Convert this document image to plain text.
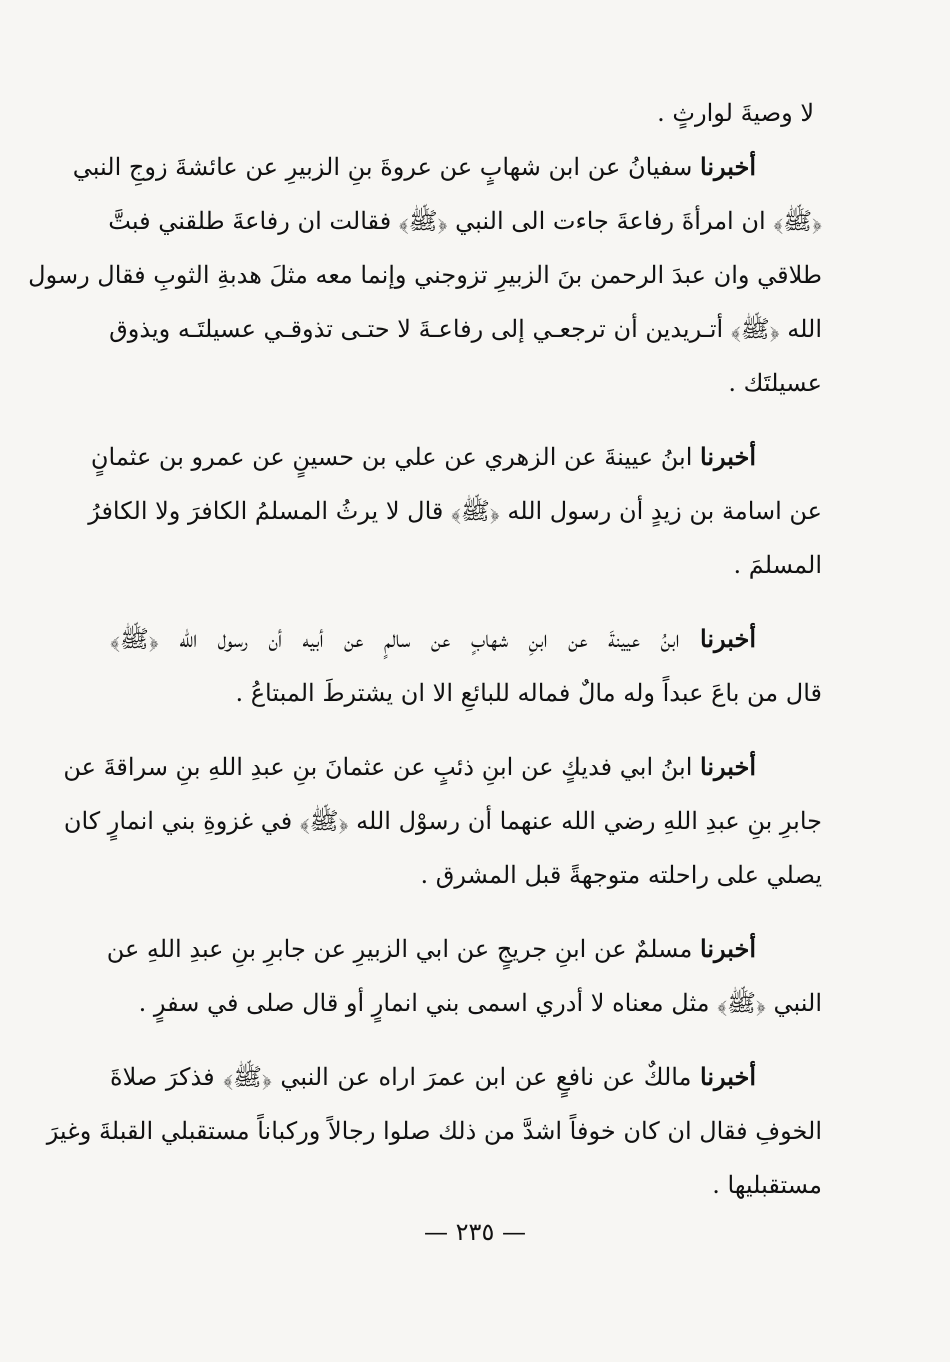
لا وصيةَ لوارثٍ .
أخبرنا سفيانُ عن ابن شهابٍ عن عروةَ بنِ الزبيرِ عن عائشةَ زوجِ النبي
﴿ﷺ﴾ ان امرأةَ رفاعةَ جاءت الى النبي ﴿ﷺ﴾ فقالت ان رفاعةَ طلقني فبتَّ
طلاقي وان عبدَ الرحمن بنَ الزبيرِ تزوجني وإنما معه مثلَ هدبةِ الثوبِ فقال رسول
الله ﴿ﷺ﴾ أتـريدين أن ترجعـي إلى رفاعـةَ لا حتـى تذوقـي عسيلتَـه ويذوق
عسيلتَك .
أخبرنا ابنُ عيينةَ عن الزهري عن علي بن حسينٍ عن عمرو بن عثمانٍ
عن اسامة بن زيدٍ أن رسول الله ﴿ﷺ﴾ قال لا يرثُ المسلمُ الكافرَ ولا الكافرُ
المسلمَ .
أخبرنا ابنُ عيينةَ عن ابنِ شهابٍ عن سالمٍ عن أبيه أن رسول الله ﴿ﷺ﴾
قال من باعَ عبداً وله مالٌ فماله للبائعِ الا ان يشترطَ المبتاعُ .
أخبرنا ابنُ ابي فديكٍ عن ابنِ ذئبٍ عن عثمانَ بنِ عبدِ اللهِ بنِ سراقةَ عن
جابرِ بنِ عبدِ اللهِ رضي الله عنهما أن رسوْل الله ﴿ﷺ﴾ في غزوةِ بني انمارٍ كان
يصلي على راحلته متوجهةً قبل المشرق .
أخبرنا مسلمٌ عن ابنِ جريجٍ عن ابي الزبيرِ عن جابرِ بنِ عبدِ اللهِ عن
النبي ﴿ﷺ﴾ مثل معناه لا أدري اسمى بني انمارٍ أو قال صلى في سفرٍ .
أخبرنا مالكٌ عن نافعٍ عن ابن عمرَ اراه عن النبي ﴿ﷺ﴾ فذكرَ صلاةَ
الخوفِ فقال ان كان خوفاً اشدَّ من ذلك صلوا رجالاً وركباناً مستقبلي القبلةَ وغيرَ
مستقبليها .
— ٢٣٥ —
